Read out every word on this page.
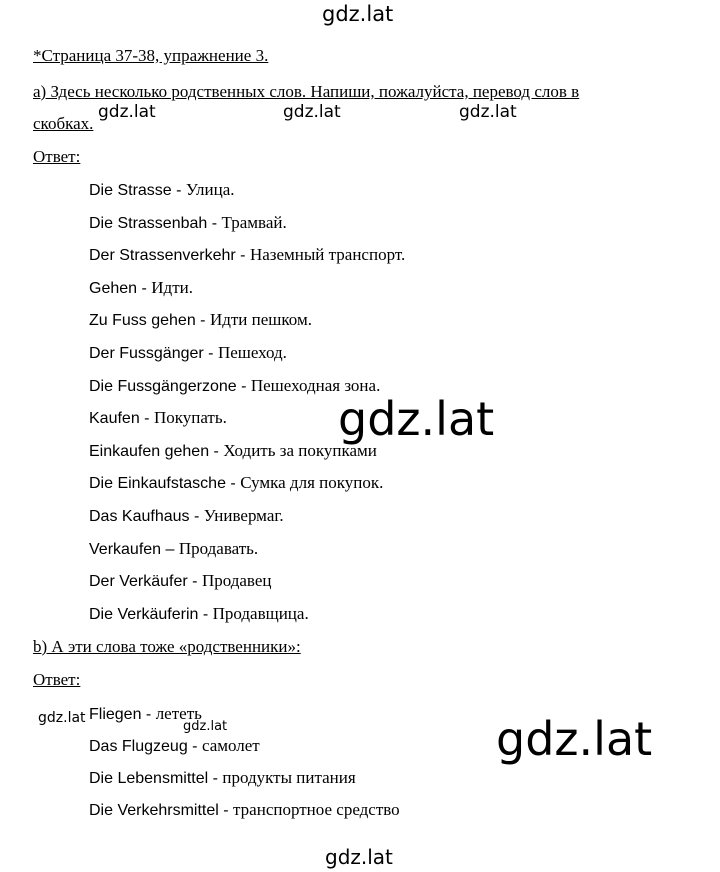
gdz.lat
*Страница 37-38, упражнение 3.
а) Здесь несколько родственных слов. Напиши, пожалуйста, перевод слов в
скобках.
gdz.lat	gdz.lat	gdz.lat
Ответ:
Die Strasse - Улица.
Die Strassenbah - Трамвай.
Der Strassenverkehr - Наземный транспорт.
Gehen - Идти.
Zu Fuss gehen - Идти пешком.
Der Fussgänger - Пешеход.
Die Fussgängerzone - Пешеходная зона.
Kaufen - Покупать.
Einkaufen gehen - Ходить за покупками
Die Einkaufstasche - Сумка для покупок.
Das Kaufhaus - Универмаг.
Verkaufen – Продавать.
Der Verkäufer - Продавец
Die Verkäuferin - Продавщица.
gdz.lat
b) А эти слова тоже «родственники»:
Ответ:
Fliegen - лететь
Das Flugzeug - самолет
Die Lebensmittel - продукты питания
Die Verkehrsmittel - транспортное средство
gdz.lat
gdz.lat	gdz.lat
gdz.lat
